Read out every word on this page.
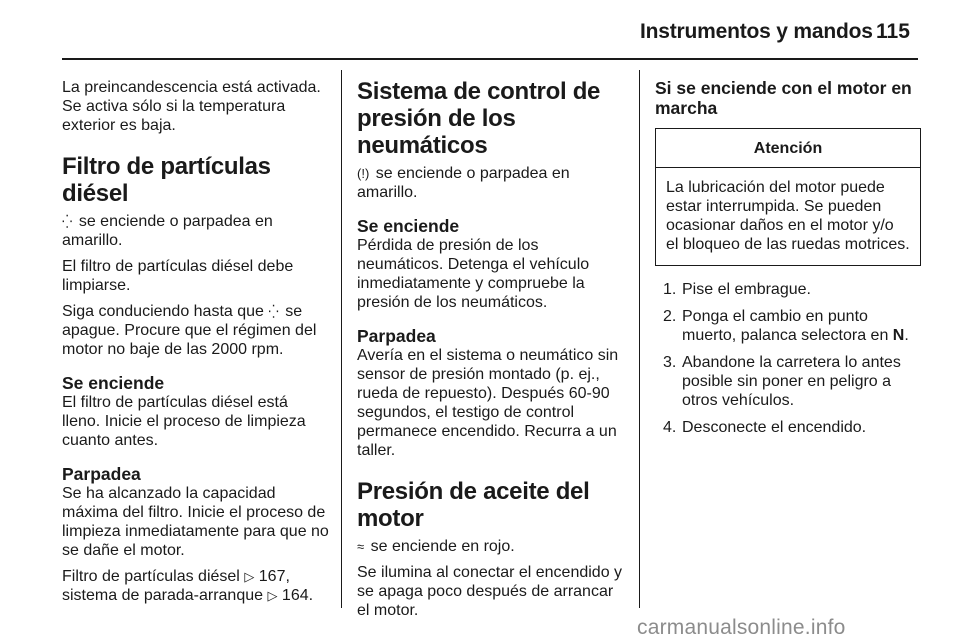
Instrumentos y mandos 115

La preincandescencia está activada. Se activa sólo si la temperatura exterior es baja.

Filtro de partículas diésel

⁛ se enciende o parpadea en amarillo.

El filtro de partículas diésel debe limpiarse.

Siga conduciendo hasta que ⁛ se apague. Procure que el régimen del motor no baje de las 2000 rpm.

Se enciende

El filtro de partículas diésel está lleno. Inicie el proceso de limpieza cuanto antes.

Parpadea

Se ha alcanzado la capacidad máxima del filtro. Inicie el proceso de limpieza inmediatamente para que no se dañe el motor.

Filtro de partículas diésel ▷ 167, sistema de parada-arranque ▷ 164.

Sistema de control de presión de los neumáticos

(!) se enciende o parpadea en amarillo.

Se enciende

Pérdida de presión de los neumáticos. Detenga el vehículo inmediatamente y compruebe la presión de los neumáticos.

Parpadea

Avería en el sistema o neumático sin sensor de presión montado (p. ej., rueda de repuesto). Después 60-90 segundos, el testigo de control permanece encendido. Recurra a un taller.

Presión de aceite del motor

≈ se enciende en rojo.

Se ilumina al conectar el encendido y se apaga poco después de arrancar el motor.

Si se enciende con el motor en marcha
Atención
La lubricación del motor puede estar interrumpida. Se pueden ocasionar daños en el motor y/o el bloqueo de las ruedas motrices.
1. Pise el embrague.
2. Ponga el cambio en punto muerto, palanca selectora en N.
3. Abandone la carretera lo antes posible sin poner en peligro a otros vehículos.
4. Desconecte el encendido.
carmanualsonline.info
